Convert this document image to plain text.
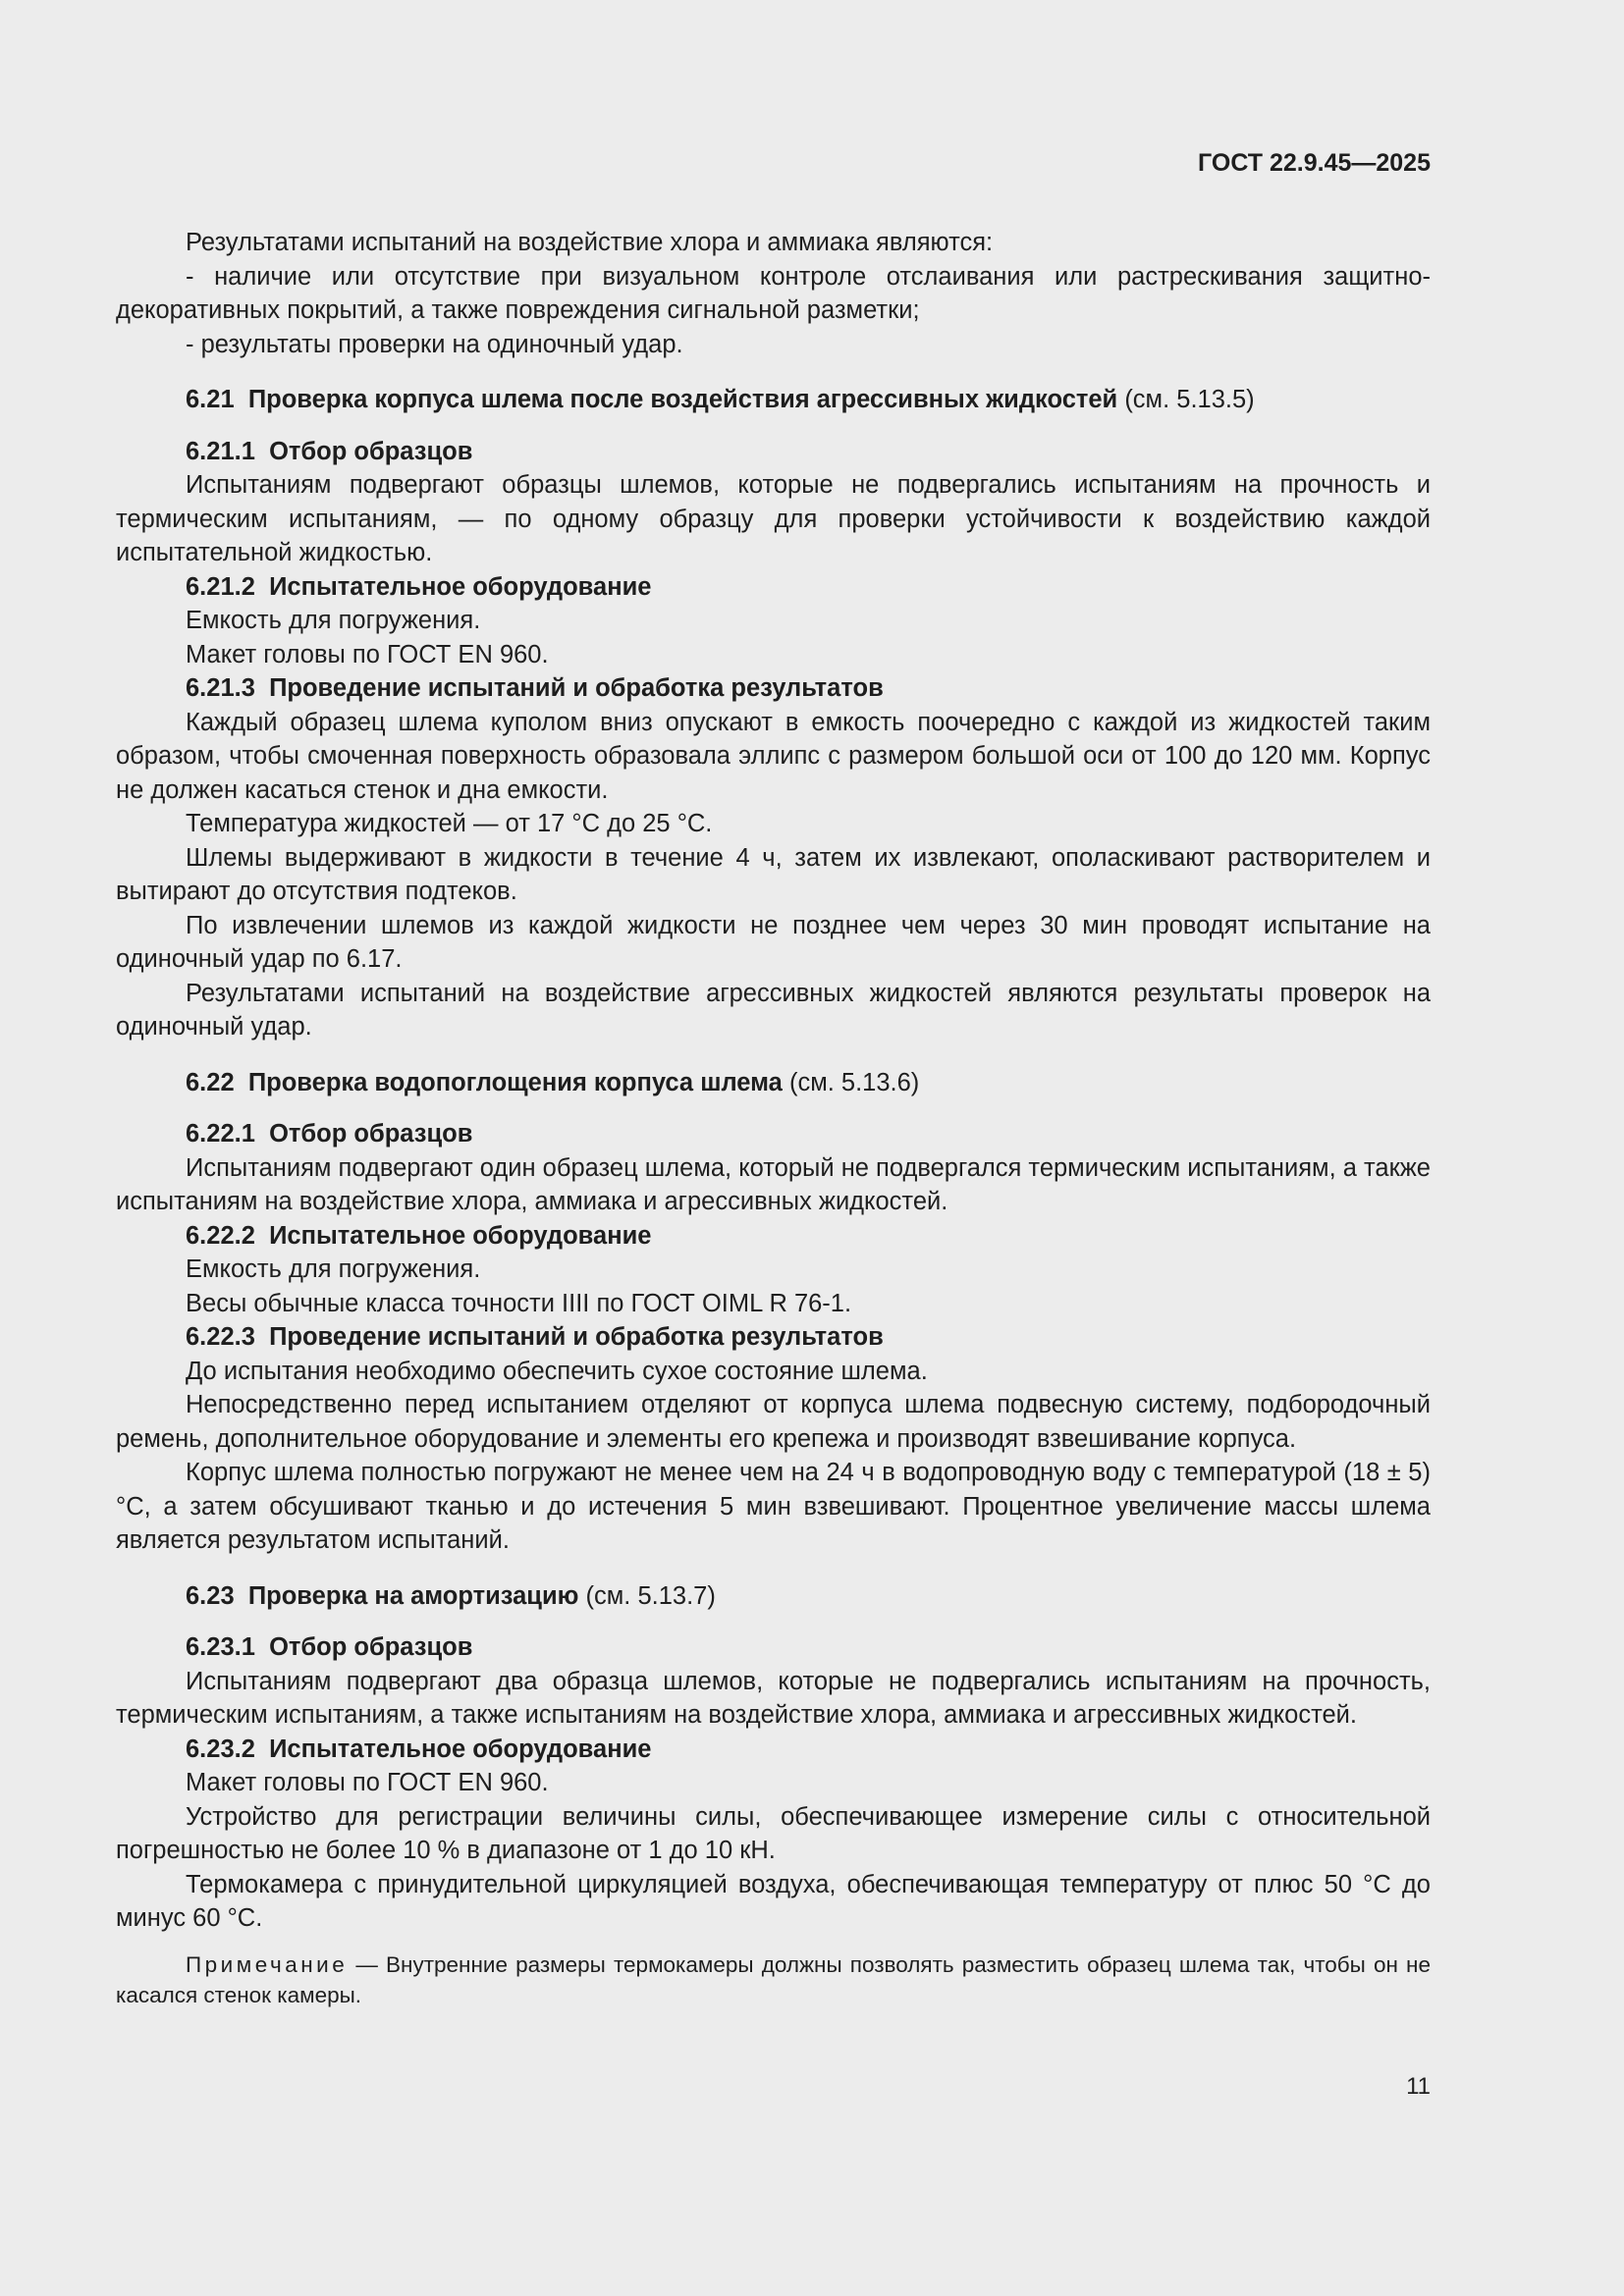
ГОСТ 22.9.45—2025

Результатами испытаний на воздействие хлора и аммиака являются:

- наличие или отсутствие при визуальном контроле отслаивания или растрескивания защитно-декоративных покрытий, а также повреждения сигнальной разметки;

- результаты проверки на одиночный удар.

6.21 Проверка корпуса шлема после воздействия агрессивных жидкостей (см. 5.13.5)

6.21.1 Отбор образцов

Испытаниям подвергают образцы шлемов, которые не подвергались испытаниям на прочность и термическим испытаниям, — по одному образцу для проверки устойчивости к воздействию каждой испытательной жидкостью.

6.21.2 Испытательное оборудование

Емкость для погружения.

Макет головы по ГОСТ EN 960.

6.21.3 Проведение испытаний и обработка результатов

Каждый образец шлема куполом вниз опускают в емкость поочередно с каждой из жидкостей таким образом, чтобы смоченная поверхность образовала эллипс с размером большой оси от 100 до 120 мм. Корпус не должен касаться стенок и дна емкости.

Температура жидкостей — от 17 °С до 25 °С.

Шлемы выдерживают в жидкости в течение 4 ч, затем их извлекают, ополаскивают растворителем и вытирают до отсутствия подтеков.

По извлечении шлемов из каждой жидкости не позднее чем через 30 мин проводят испытание на одиночный удар по 6.17.

Результатами испытаний на воздействие агрессивных жидкостей являются результаты проверок на одиночный удар.

6.22 Проверка водопоглощения корпуса шлема (см. 5.13.6)

6.22.1 Отбор образцов

Испытаниям подвергают один образец шлема, который не подвергался термическим испытаниям, а также испытаниям на воздействие хлора, аммиака и агрессивных жидкостей.

6.22.2 Испытательное оборудование

Емкость для погружения.

Весы обычные класса точности IIII по ГОСТ OIML R 76-1.

6.22.3 Проведение испытаний и обработка результатов

До испытания необходимо обеспечить сухое состояние шлема.

Непосредственно перед испытанием отделяют от корпуса шлема подвесную систему, подбородочный ремень, дополнительное оборудование и элементы его крепежа и производят взвешивание корпуса.

Корпус шлема полностью погружают не менее чем на 24 ч в водопроводную воду с температурой (18 ± 5) °С, а затем обсушивают тканью и до истечения 5 мин взвешивают. Процентное увеличение массы шлема является результатом испытаний.

6.23 Проверка на амортизацию (см. 5.13.7)

6.23.1 Отбор образцов

Испытаниям подвергают два образца шлемов, которые не подвергались испытаниям на прочность, термическим испытаниям, а также испытаниям на воздействие хлора, аммиака и агрессивных жидкостей.

6.23.2 Испытательное оборудование

Макет головы по ГОСТ EN 960.

Устройство для регистрации величины силы, обеспечивающее измерение силы с относительной погрешностью не более 10 % в диапазоне от 1 до 10 кН.

Термокамера с принудительной циркуляцией воздуха, обеспечивающая температуру от плюс 50 °С до минус 60 °С.

Примечание — Внутренние размеры термокамеры должны позволять разместить образец шлема так, чтобы он не касался стенок камеры.

11
